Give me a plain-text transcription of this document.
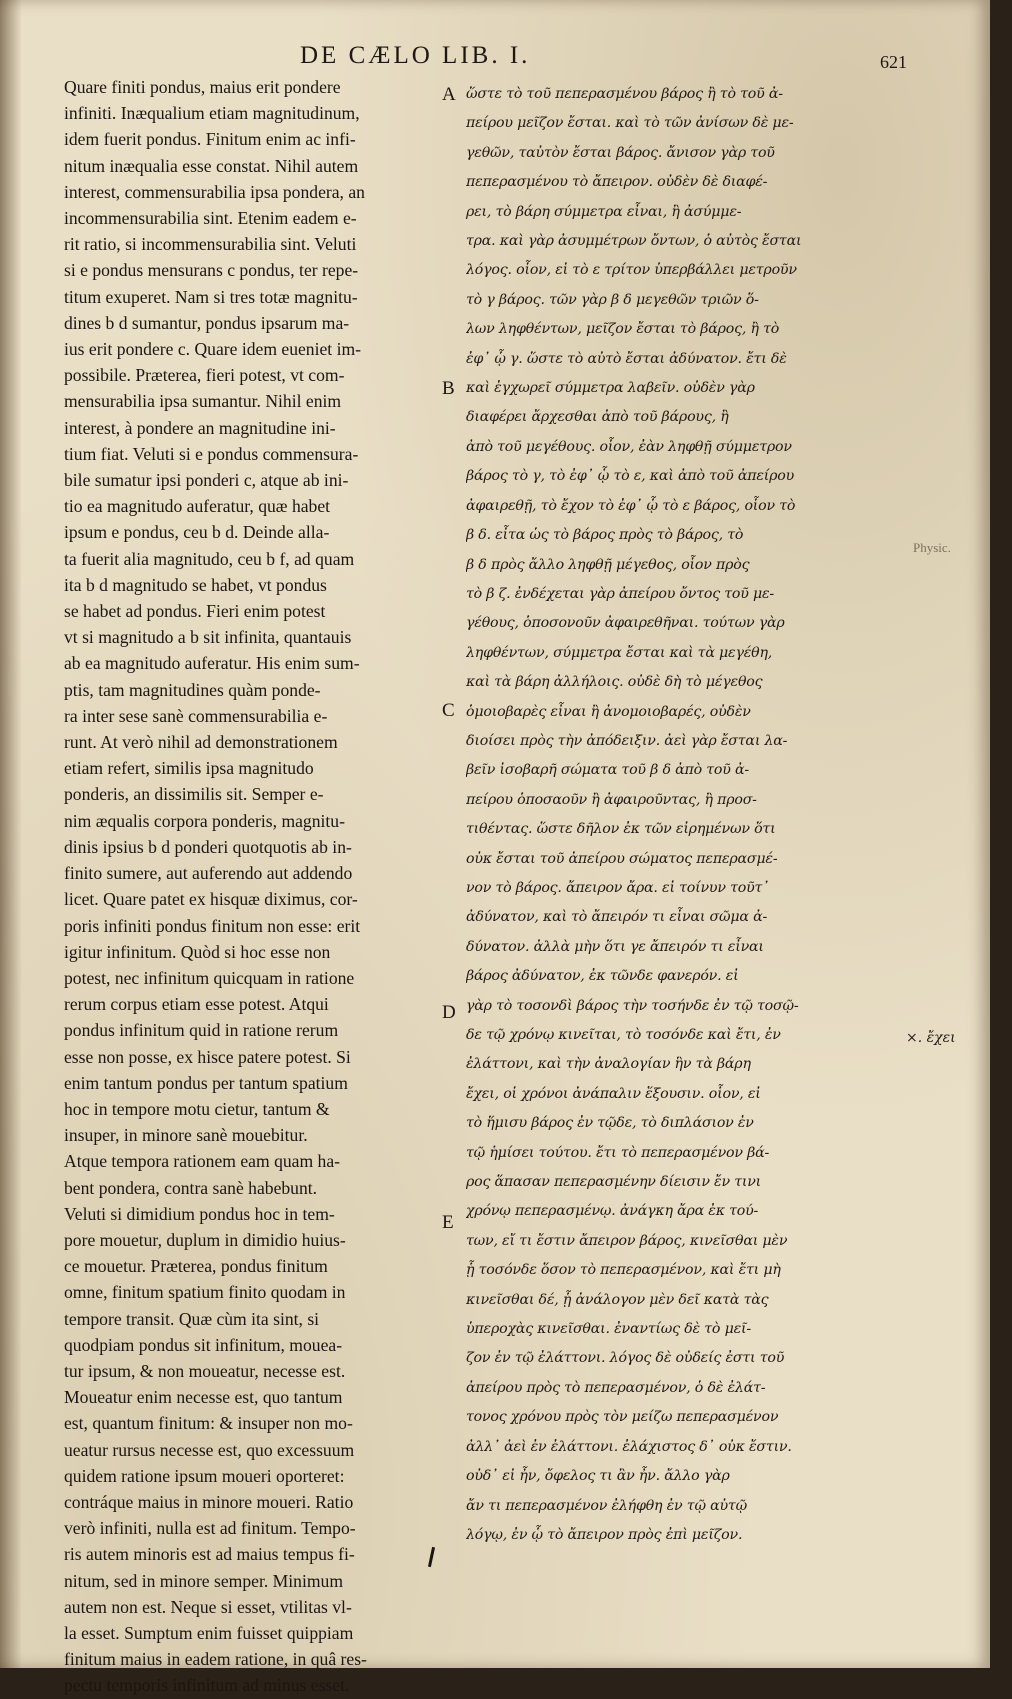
DE CÆLO LIB. I.	621
Quare finiti pondus, maius erit pondere
infiniti. Inæqualium etiam magnitudinum,
idem fuerit pondus. Finitum enim ac infi-
nitum inæqualia esse constat. Nihil autem
interest, commensurabilia ipsa pondera, an
incommensurabilia sint. Etenim eadem e-
rit ratio, si incommensurabilia sint. Veluti
si e pondus mensurans c pondus, ter repe-
titum exuperet. Nam si tres totæ magnitu-
dines b d sumantur, pondus ipsarum ma-
ius erit pondere c. Quare idem eueniet im-
possibile. Præterea, fieri potest, vt com-
mensurabilia ipsa sumantur. Nihil enim
interest, à pondere an magnitudine ini-
tium fiat. Veluti si e pondus commensura-
bile sumatur ipsi ponderi c, atque ab ini-
tio ea magnitudo auferatur, quæ habet
ipsum e pondus, ceu b d. Deinde alla-
ta fuerit alia magnitudo, ceu b f, ad quam
ita b d magnitudo se habet, vt pondus
se habet ad pondus. Fieri enim potest
vt si magnitudo a b sit infinita, quantauis
ab ea magnitudo auferatur. His enim sum-
ptis, tam magnitudines quàm ponde-
ra inter sese sanè commensurabilia e-
runt. At verò nihil ad demonstrationem
etiam refert, similis ipsa magnitudo
ponderis, an dissimilis sit. Semper e-
nim æqualis corpora ponderis, magnitu-
dinis ipsius b d ponderi quotquotis ab in-
finito sumere, aut auferendo aut addendo
licet. Quare patet ex hisquæ diximus, cor-
poris infiniti pondus finitum non esse: erit
igitur infinitum. Quòd si hoc esse non
potest, nec infinitum quicquam in ratione
rerum corpus etiam esse potest. Atqui
pondus infinitum quid in ratione rerum
esse non posse, ex hisce patere potest. Si
enim tantum pondus per tantum spatium
hoc in tempore motu cietur, tantum &
insuper, in minore sanè mouebitur.
Atque tempora rationem eam quam ha-
bent pondera, contra sanè habebunt.
Veluti si dimidium pondus hoc in tem-
pore mouetur, duplum in dimidio huius-
ce mouetur. Præterea, pondus finitum
omne, finitum spatium finito quodam in
tempore transit. Quæ cùm ita sint, si
quodpiam pondus sit infinitum, moueа-
tur ipsum, & non moueatur, necesse est.
Moueatur enim necesse est, quo tantum
est, quantum finitum: & insuper non mo-
ueatur rursus necesse est, quo excessuum
quidem ratione ipsum moueri oporteret:
contráque maius in minore moueri. Ratio
verò infiniti, nulla est ad finitum. Tempo-
ris autem minoris est ad maius tempus fi-
nitum, sed in minore semper. Minimum
autem non est. Neque si esset, vtilitas vl-
la esset. Sumptum enim fuisset quippiam
finitum maius in eadem ratione, in quâ res-
pectu temporis infinitum ad minus esset.
A
B
C
D
E
ὥστε τὸ τοῦ πεπερασμένου βάρος ἢ τὸ τοῦ ἀ-
πείρου μεῖζον ἔσται. καὶ τὸ τῶν ἀνίσων δὲ με-
γεθῶν, ταὐτὸν ἔσται βάρος. ἄνισον γὰρ τοῦ
πεπερασμένου τὸ ἄπειρον. οὐδὲν δὲ διαφέ-
ρει, τὸ βάρη σύμμετρα εἶναι, ἢ ἀσύμμε-
τρα. καὶ γὰρ ἀσυμμέτρων ὄντων, ὁ αὐτὸς ἔσται
λόγος. οἷον, εἰ τὸ ε τρίτον ὑπερβάλλει μετροῦν
τὸ γ βάρος. τῶν γὰρ β δ μεγεθῶν τριῶν ὅ-
λων ληφθέντων, μεῖζον ἔσται τὸ βάρος, ἢ τὸ
ἐφ᾽ ᾧ γ. ὥστε τὸ αὐτὸ ἔσται ἀδύνατον. ἔτι δὲ
καὶ ἐγχωρεῖ σύμμετρα λαβεῖν. οὐδὲν γὰρ
διαφέρει ἄρχεσθαι ἀπὸ τοῦ βάρους, ἢ
ἀπὸ τοῦ μεγέθους. οἷον, ἐὰν ληφθῇ σύμμετρον
βάρος τὸ γ, τὸ ἐφ᾽ ᾧ τὸ ε, καὶ ἀπὸ τοῦ ἀπείρου
ἀφαιρεθῇ, τὸ ἔχον τὸ ἐφ᾽ ᾧ τὸ ε βάρος, οἷον τὸ
β δ. εἶτα ὡς τὸ βάρος πρὸς τὸ βάρος, τὸ
β δ πρὸς ἄλλο ληφθῇ μέγεθος, οἷον πρὸς
τὸ β ζ. ἐνδέχεται γὰρ ἀπείρου ὄντος τοῦ με-
γέθους, ὁποσονοῦν ἀφαιρεθῆναι. τούτων γὰρ
ληφθέντων, σύμμετρα ἔσται καὶ τὰ μεγέθη,
καὶ τὰ βάρη ἀλλήλοις. οὐδὲ δὴ τὸ μέγεθος
ὁμοιοβαρὲς εἶναι ἢ ἀνομοιοβαρές, οὐδὲν
διοίσει πρὸς τὴν ἀπόδειξιν. ἀεὶ γὰρ ἔσται λα-
βεῖν ἰσοβαρῆ σώματα τοῦ β δ ἀπὸ τοῦ ἀ-
πείρου ὁποσαοῦν ἢ ἀφαιροῦντας, ἢ προσ-
τιθέντας. ὥστε δῆλον ἐκ τῶν εἰρημένων ὅτι
οὐκ ἔσται τοῦ ἀπείρου σώματος πεπερασμέ-
νον τὸ βάρος. ἄπειρον ἄρα. εἰ τοίνυν τοῦτ᾽
ἀδύνατον, καὶ τὸ ἄπειρόν τι εἶναι σῶμα ἀ-
δύνατον. ἀλλὰ μὴν ὅτι γε ἄπειρόν τι εἶναι
βάρος ἀδύνατον, ἐκ τῶνδε φανερόν. εἰ
γὰρ τὸ τοσονδὶ βάρος τὴν τοσήνδε ἐν τῷ τοσῷ-
δε τῷ χρόνῳ κινεῖται, τὸ τοσόνδε καὶ ἔτι, ἐν
ἐλάττονι, καὶ τὴν ἀναλογίαν ἣν τὰ βάρη
ἔχει, οἱ χρόνοι ἀνάπαλιν ἕξουσιν. οἷον, εἰ
τὸ ἥμισυ βάρος ἐν τῷδε, τὸ διπλάσιον ἐν
τῷ ἡμίσει τούτου. ἔτι τὸ πεπερασμένον βά-
ρος ἅπασαν πεπερασμένην δίεισιν ἔν τινι
χρόνῳ πεπερασμένῳ. ἀνάγκη ἄρα ἐκ τού-
των, εἴ τι ἔστιν ἄπειρον βάρος, κινεῖσθαι μὲν
ᾗ τοσόνδε ὅσον τὸ πεπερασμένον, καὶ ἔτι μὴ
κινεῖσθαι δέ, ᾗ ἀνάλογον μὲν δεῖ κατὰ τὰς
ὑπεροχὰς κινεῖσθαι. ἐναντίως δὲ τὸ μεῖ-
ζον ἐν τῷ ἐλάττονι. λόγος δὲ οὐδείς ἐστι τοῦ
ἀπείρου πρὸς τὸ πεπερασμένον, ὁ δὲ ἐλάτ-
τονος χρόνου πρὸς τὸν μείζω πεπερασμένον
ἀλλ᾽ ἀεὶ ἐν ἐλάττονι. ἐλάχιστος δ᾽ οὐκ ἔστιν.
οὐδ᾽ εἰ ἦν, ὄφελος τι ἂν ἦν. ἄλλο γὰρ
ἄν τι πεπερασμένον ἐλήφθη ἐν τῷ αὐτῷ
λόγῳ, ἐν ᾧ τὸ ἄπειρον πρὸς ἐπὶ μεῖζον.
Physic.
×. ἔχει
